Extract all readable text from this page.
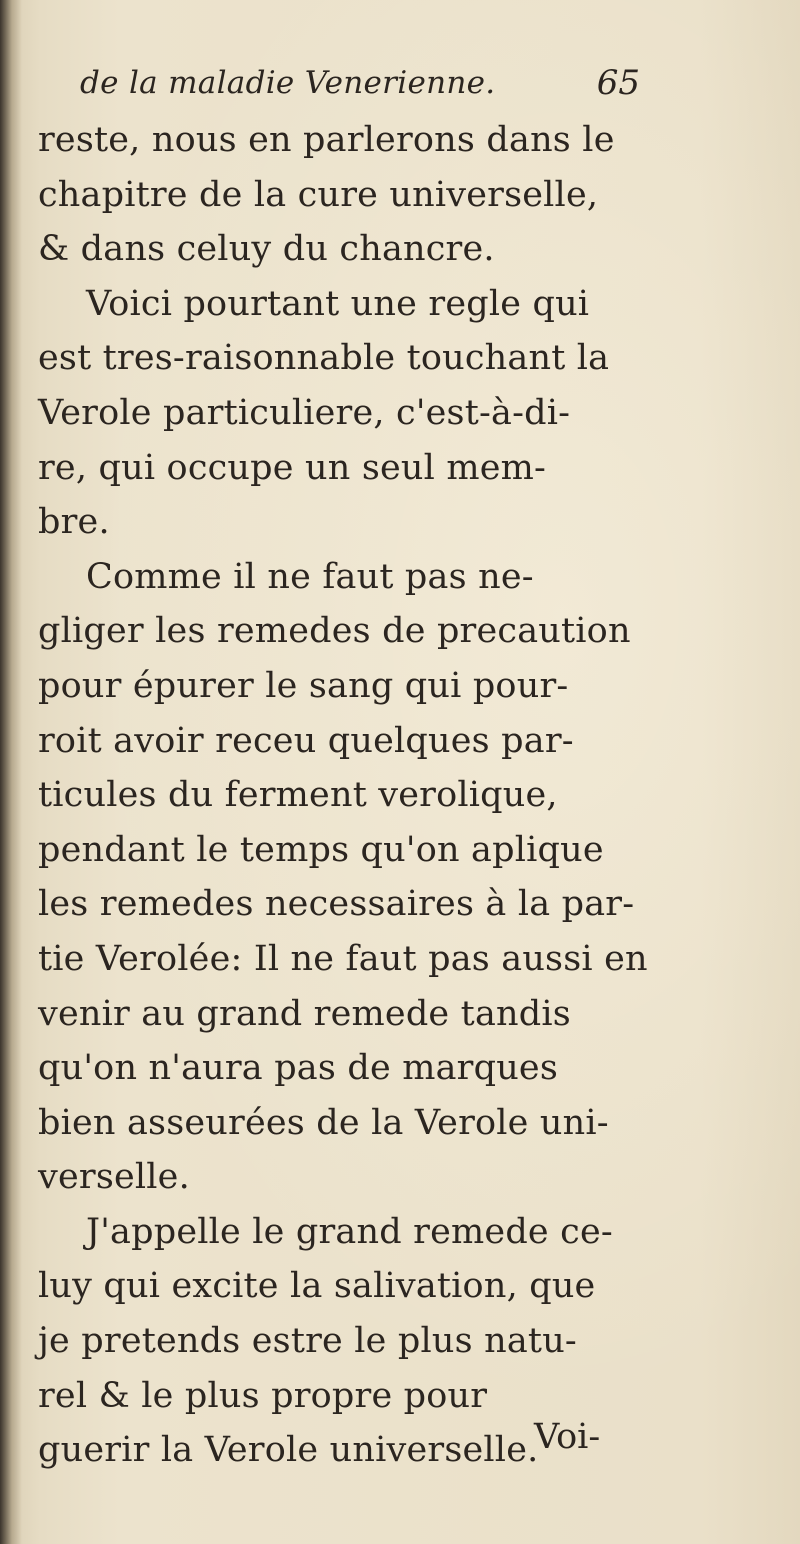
de la maladie Venerienne.	65
reste, nous en parlerons dans le
chapitre de la cure universelle,
& dans celuy du chancre.
Voici pourtant une regle qui
est tres-raisonnable touchant la
Verole particuliere, c'est-à-di-
re, qui occupe un seul mem-
bre.
Comme il ne faut pas ne-
gliger les remedes de precaution
pour épurer le sang qui pour-
roit avoir receu quelques par-
ticules du ferment verolique,
pendant le temps qu'on aplique
les remedes necessaires à la par-
tie Verolée: Il ne faut pas aussi en
venir au grand remede tandis
qu'on n'aura pas de marques
bien asseurées de la Verole uni-
verselle.
J'appelle le grand remede ce-
luy qui excite la salivation, que
je pretends estre le plus natu-
rel & le plus propre pour
guerir la Verole universelle.
Voi-
